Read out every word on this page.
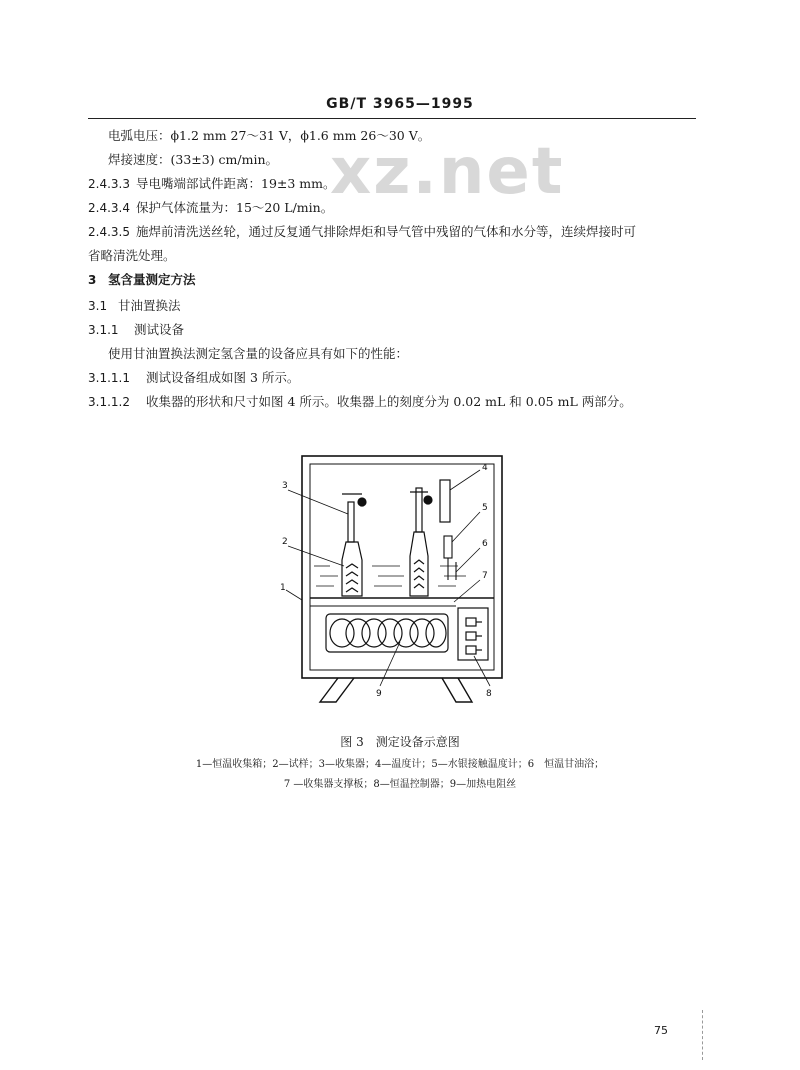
xz.net
GB/T 3965—1995
电弧电压：ϕ1.2 mm 27～31 V，ϕ1.6 mm 26～30 V。
焊接速度：(33±3) cm/min。
2.4.3.3 导电嘴端部试件距离：19±3 mm。
2.4.3.4 保护气体流量为：15～20 L/min。
2.4.3.5 施焊前清洗送丝轮，通过反复通气排除焊炬和导气管中残留的气体和水分等，连续焊接时可
省略清洗处理。
3 氢含量测定方法
3.1 甘油置换法
3.1.1 测试设备
使用甘油置换法测定氢含量的设备应具有如下的性能：
3.1.1.1 测试设备组成如图 3 所示。
3.1.1.2 收集器的形状和尺寸如图 4 所示。收集器上的刻度分为 0.02 mL 和 0.05 mL 两部分。
3
2
1
4
5
6
7
8
9
图 3　测定设备示意图
1—恒温收集箱；2—试样；3—收集器；4—温度计；5—水银接触温度计；6　恒温甘油浴；
7 —收集器支撑板；8—恒温控制器；9—加热电阻丝
75
